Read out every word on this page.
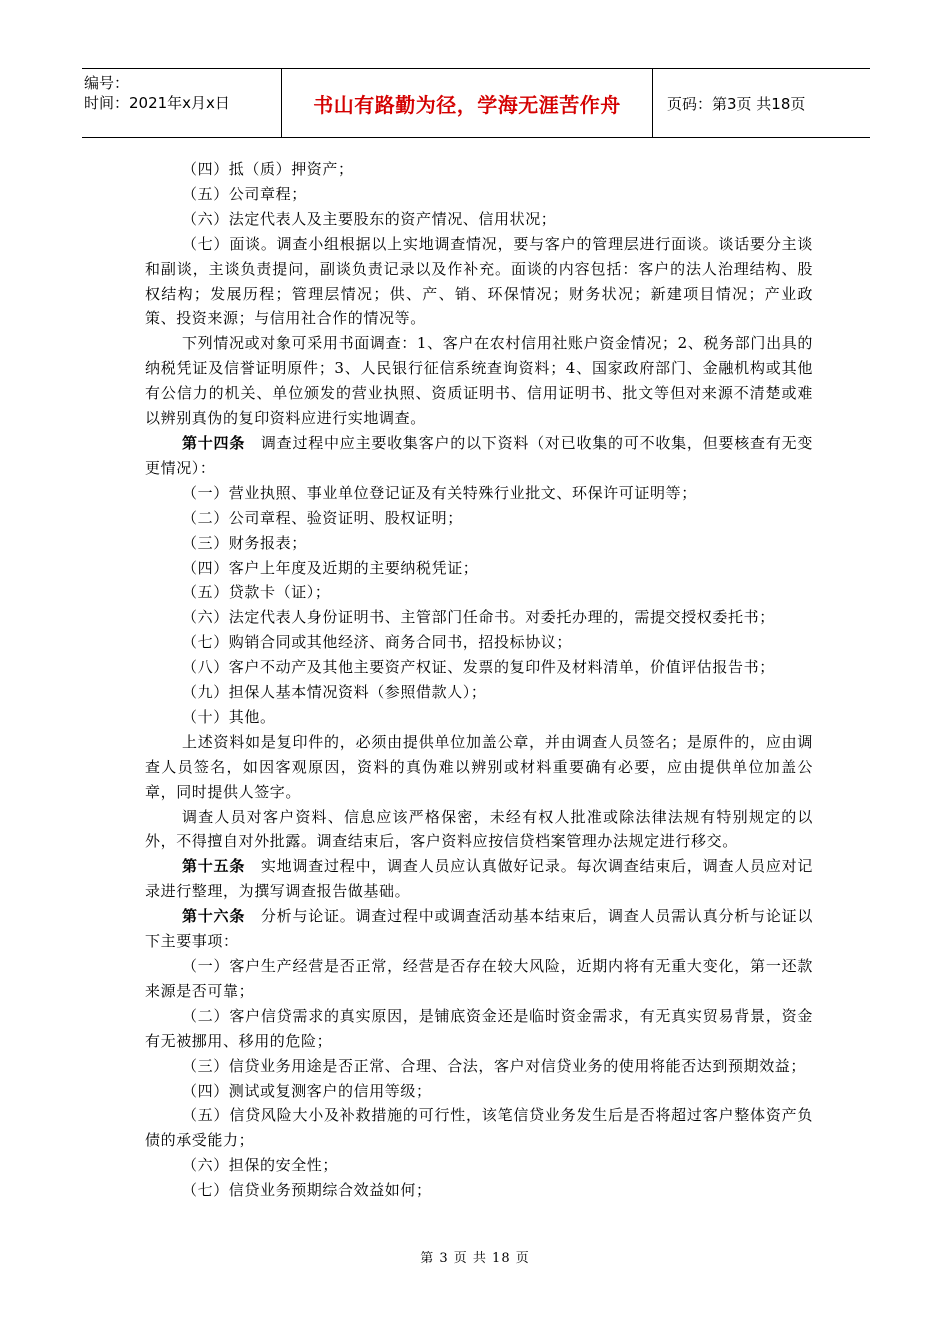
编号：
时间：2021年x月x日	书山有路勤为径，学海无涯苦作舟	页码：第3页 共18页

（四）抵（质）押资产；

（五）公司章程；

（六）法定代表人及主要股东的资产情况、信用状况；

（七）面谈。调查小组根据以上实地调查情况，要与客户的管理层进行面谈。谈话要分主谈和副谈，主谈负责提问，副谈负责记录以及作补充。面谈的内容包括：客户的法人治理结构、股权结构；发展历程；管理层情况；供、产、销、环保情况；财务状况；新建项目情况；产业政策、投资来源；与信用社合作的情况等。

下列情况或对象可采用书面调查：1、客户在农村信用社账户资金情况；2、税务部门出具的纳税凭证及信誉证明原件；3、人民银行征信系统查询资料；4、国家政府部门、金融机构或其他有公信力的机关、单位颁发的营业执照、资质证明书、信用证明书、批文等但对来源不清楚或难以辨别真伪的复印资料应进行实地调查。

第十四条　 调查过程中应主要收集客户的以下资料（对已收集的可不收集，但要核查有无变更情况）：

（一）营业执照、事业单位登记证及有关特殊行业批文、环保许可证明等；

（二）公司章程、验资证明、股权证明；

（三）财务报表；

（四）客户上年度及近期的主要纳税凭证；

（五）贷款卡（证）；

（六）法定代表人身份证明书、主管部门任命书。对委托办理的，需提交授权委托书；

（七）购销合同或其他经济、商务合同书，招投标协议；

（八）客户不动产及其他主要资产权证、发票的复印件及材料清单，价值评估报告书；

（九）担保人基本情况资料（参照借款人）；

（十）其他。

上述资料如是复印件的，必须由提供单位加盖公章，并由调查人员签名；是原件的，应由调查人员签名，如因客观原因，资料的真伪难以辨别或材料重要确有必要，应由提供单位加盖公章，同时提供人签字。

调查人员对客户资料、信息应该严格保密，未经有权人批准或除法律法规有特别规定的以外，不得擅自对外批露。调查结束后，客户资料应按信贷档案管理办法规定进行移交。

第十五条　 实地调查过程中，调查人员应认真做好记录。每次调查结束后，调查人员应对记录进行整理，为撰写调查报告做基础。

第十六条　 分析与论证。调查过程中或调查活动基本结束后，调查人员需认真分析与论证以下主要事项：

（一）客户生产经营是否正常，经营是否存在较大风险，近期内将有无重大变化，第一还款来源是否可靠；

（二）客户信贷需求的真实原因，是铺底资金还是临时资金需求，有无真实贸易背景，资金有无被挪用、移用的危险；

（三）信贷业务用途是否正常、合理、合法，客户对信贷业务的使用将能否达到预期效益；

（四）测试或复测客户的信用等级；

（五）信贷风险大小及补救措施的可行性，该笔信贷业务发生后是否将超过客户整体资产负债的承受能力；

（六）担保的安全性；

（七）信贷业务预期综合效益如何；

第 3 页 共 18 页
